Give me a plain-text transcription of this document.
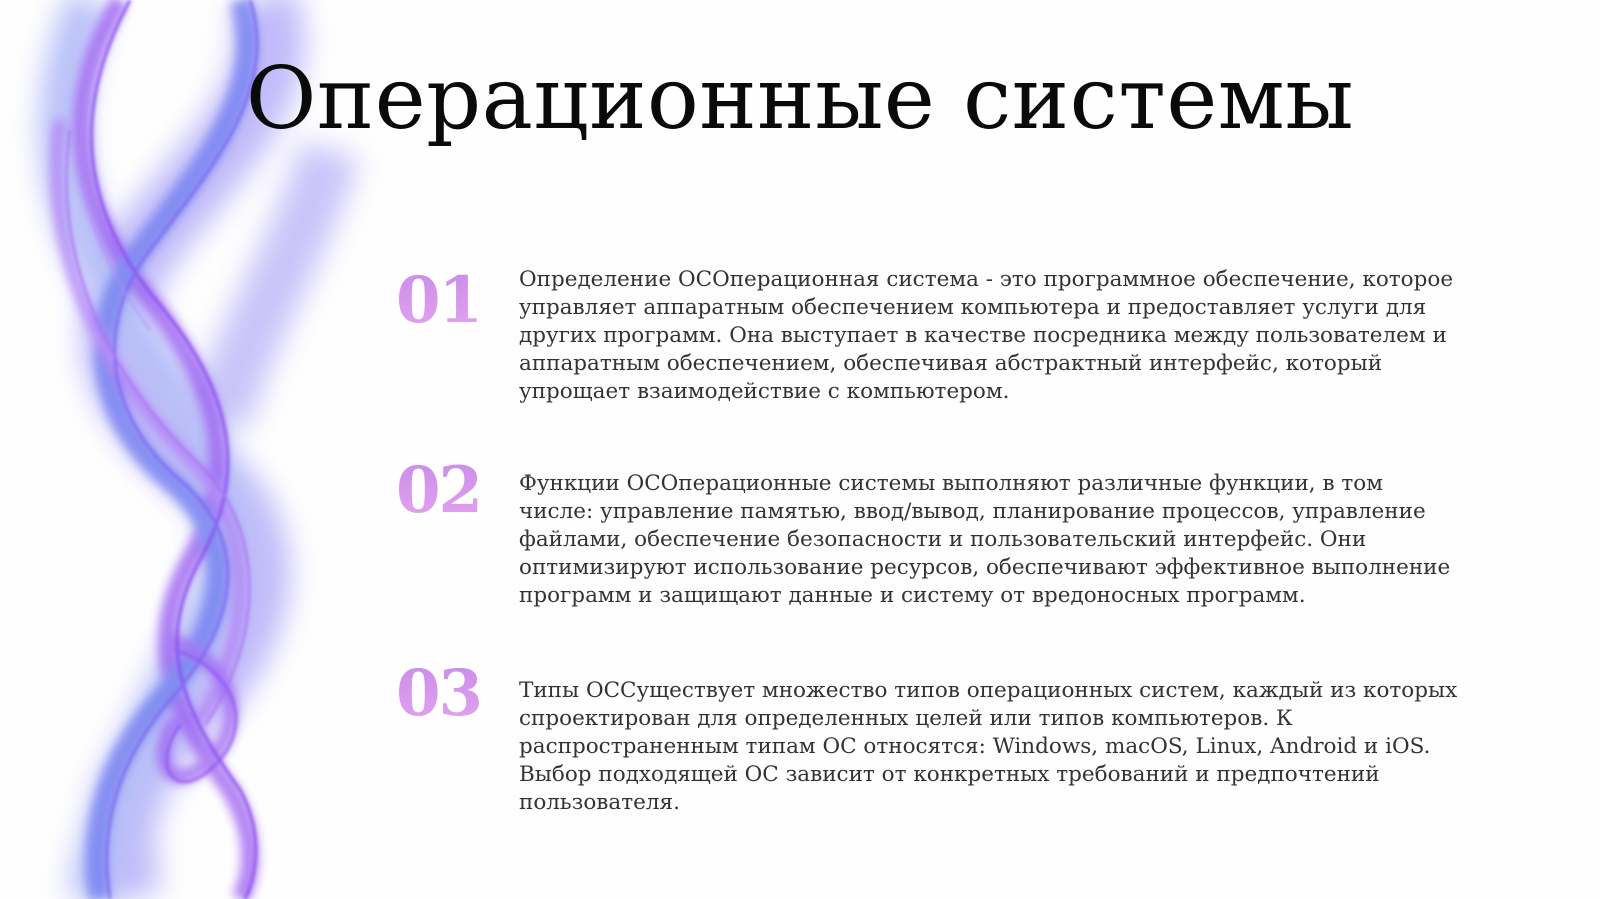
Операционные системы
01	Определение ОСОперационная система - это программное обеспечение, которое управляет аппаратным обеспечением компьютера и предоставляет услуги для других программ. Она выступает в качестве посредника между пользователем и аппаратным обеспечением, обеспечивая абстрактный интерфейс, который упрощает взаимодействие с компьютером.

02	Функции ОСОперационные системы выполняют различные функции, в том числе: управление памятью, ввод/вывод, планирование процессов, управление файлами, обеспечение безопасности и пользовательский интерфейс. Они оптимизируют использование ресурсов, обеспечивают эффективное выполнение программ и защищают данные и систему от вредоносных программ.

03	Типы ОССуществует множество типов операционных систем, каждый из которых спроектирован для определенных целей или типов компьютеров. К распространенным типам ОС относятся: Windows, macOS, Linux, Android и iOS. Выбор подходящей ОС зависит от конкретных требований и предпочтений пользователя.
